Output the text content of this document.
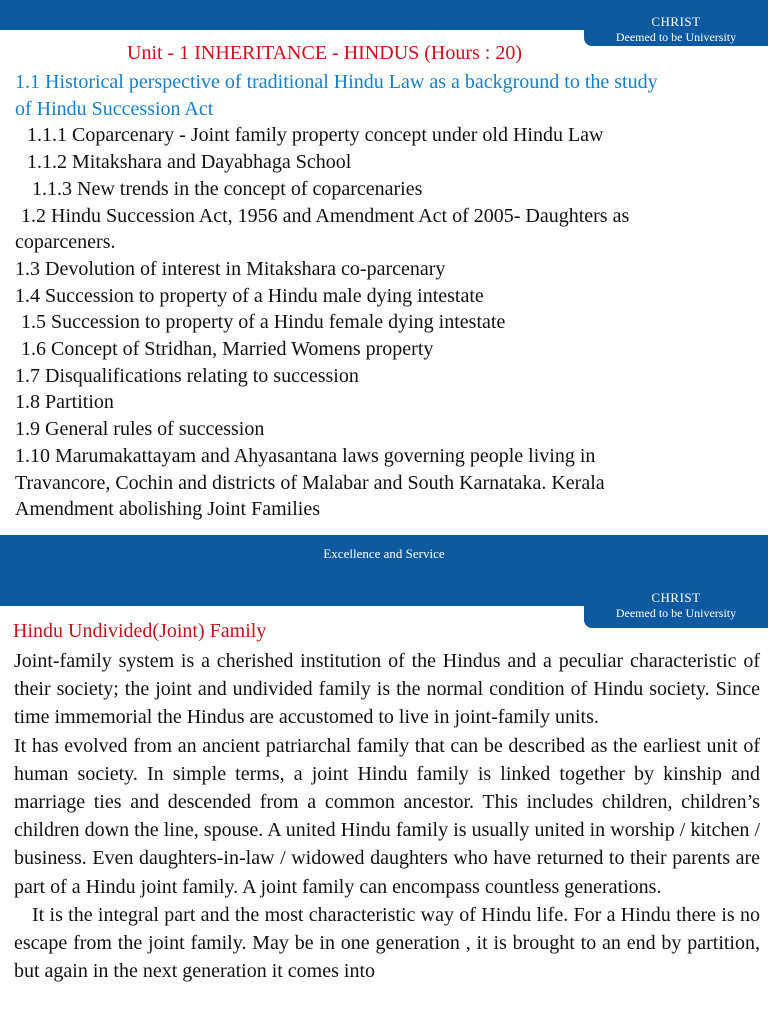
CHRIST
Deemed to be University
Unit - 1 INHERITANCE - HINDUS (Hours : 20)
1.1 Historical perspective of traditional Hindu Law as a background to the study
of Hindu Succession Act
1.1.1 Coparcenary - Joint family property concept under old Hindu Law
1.1.2 Mitakshara and Dayabhaga School
1.1.3 New trends in the concept of coparcenaries
1.2 Hindu Succession Act, 1956 and Amendment Act of 2005- Daughters as
coparceners.
1.3 Devolution of interest in Mitakshara co-parcenary
1.4 Succession to property of a Hindu male dying intestate
1.5 Succession to property of a Hindu female dying intestate
1.6 Concept of Stridhan, Married Womens property
1.7 Disqualifications relating to succession
1.8 Partition
1.9 General rules of succession
1.10 Marumakattayam and Ahyasantana laws governing people living in
Travancore, Cochin and districts of Malabar and South Karnataka. Kerala
Amendment abolishing Joint Families
Excellence and Service
CHRIST
Deemed to be University
Hindu Undivided(Joint) Family

Joint-family system is a cherished institution of the Hindus and a peculiar characteristic of their society; the joint and undivided family is the normal condition of Hindu society. Since time immemorial the Hindus are accustomed to live in joint-family units.

It has evolved from an ancient patriarchal family that can be described as the earliest unit of human society. In simple terms, a joint Hindu family is linked together by kinship and marriage ties and descended from a common ancestor. This includes children, children’s children down the line, spouse. A united Hindu family is usually united in worship / kitchen / business. Even daughters-in-law / widowed daughters who have returned to their parents are part of a Hindu joint family. A joint family can encompass countless generations.

It is the integral part and the most characteristic way of Hindu life. For a Hindu there is no escape from the joint family. May be in one generation , it is brought to an end by partition, but again in the next generation it comes into
